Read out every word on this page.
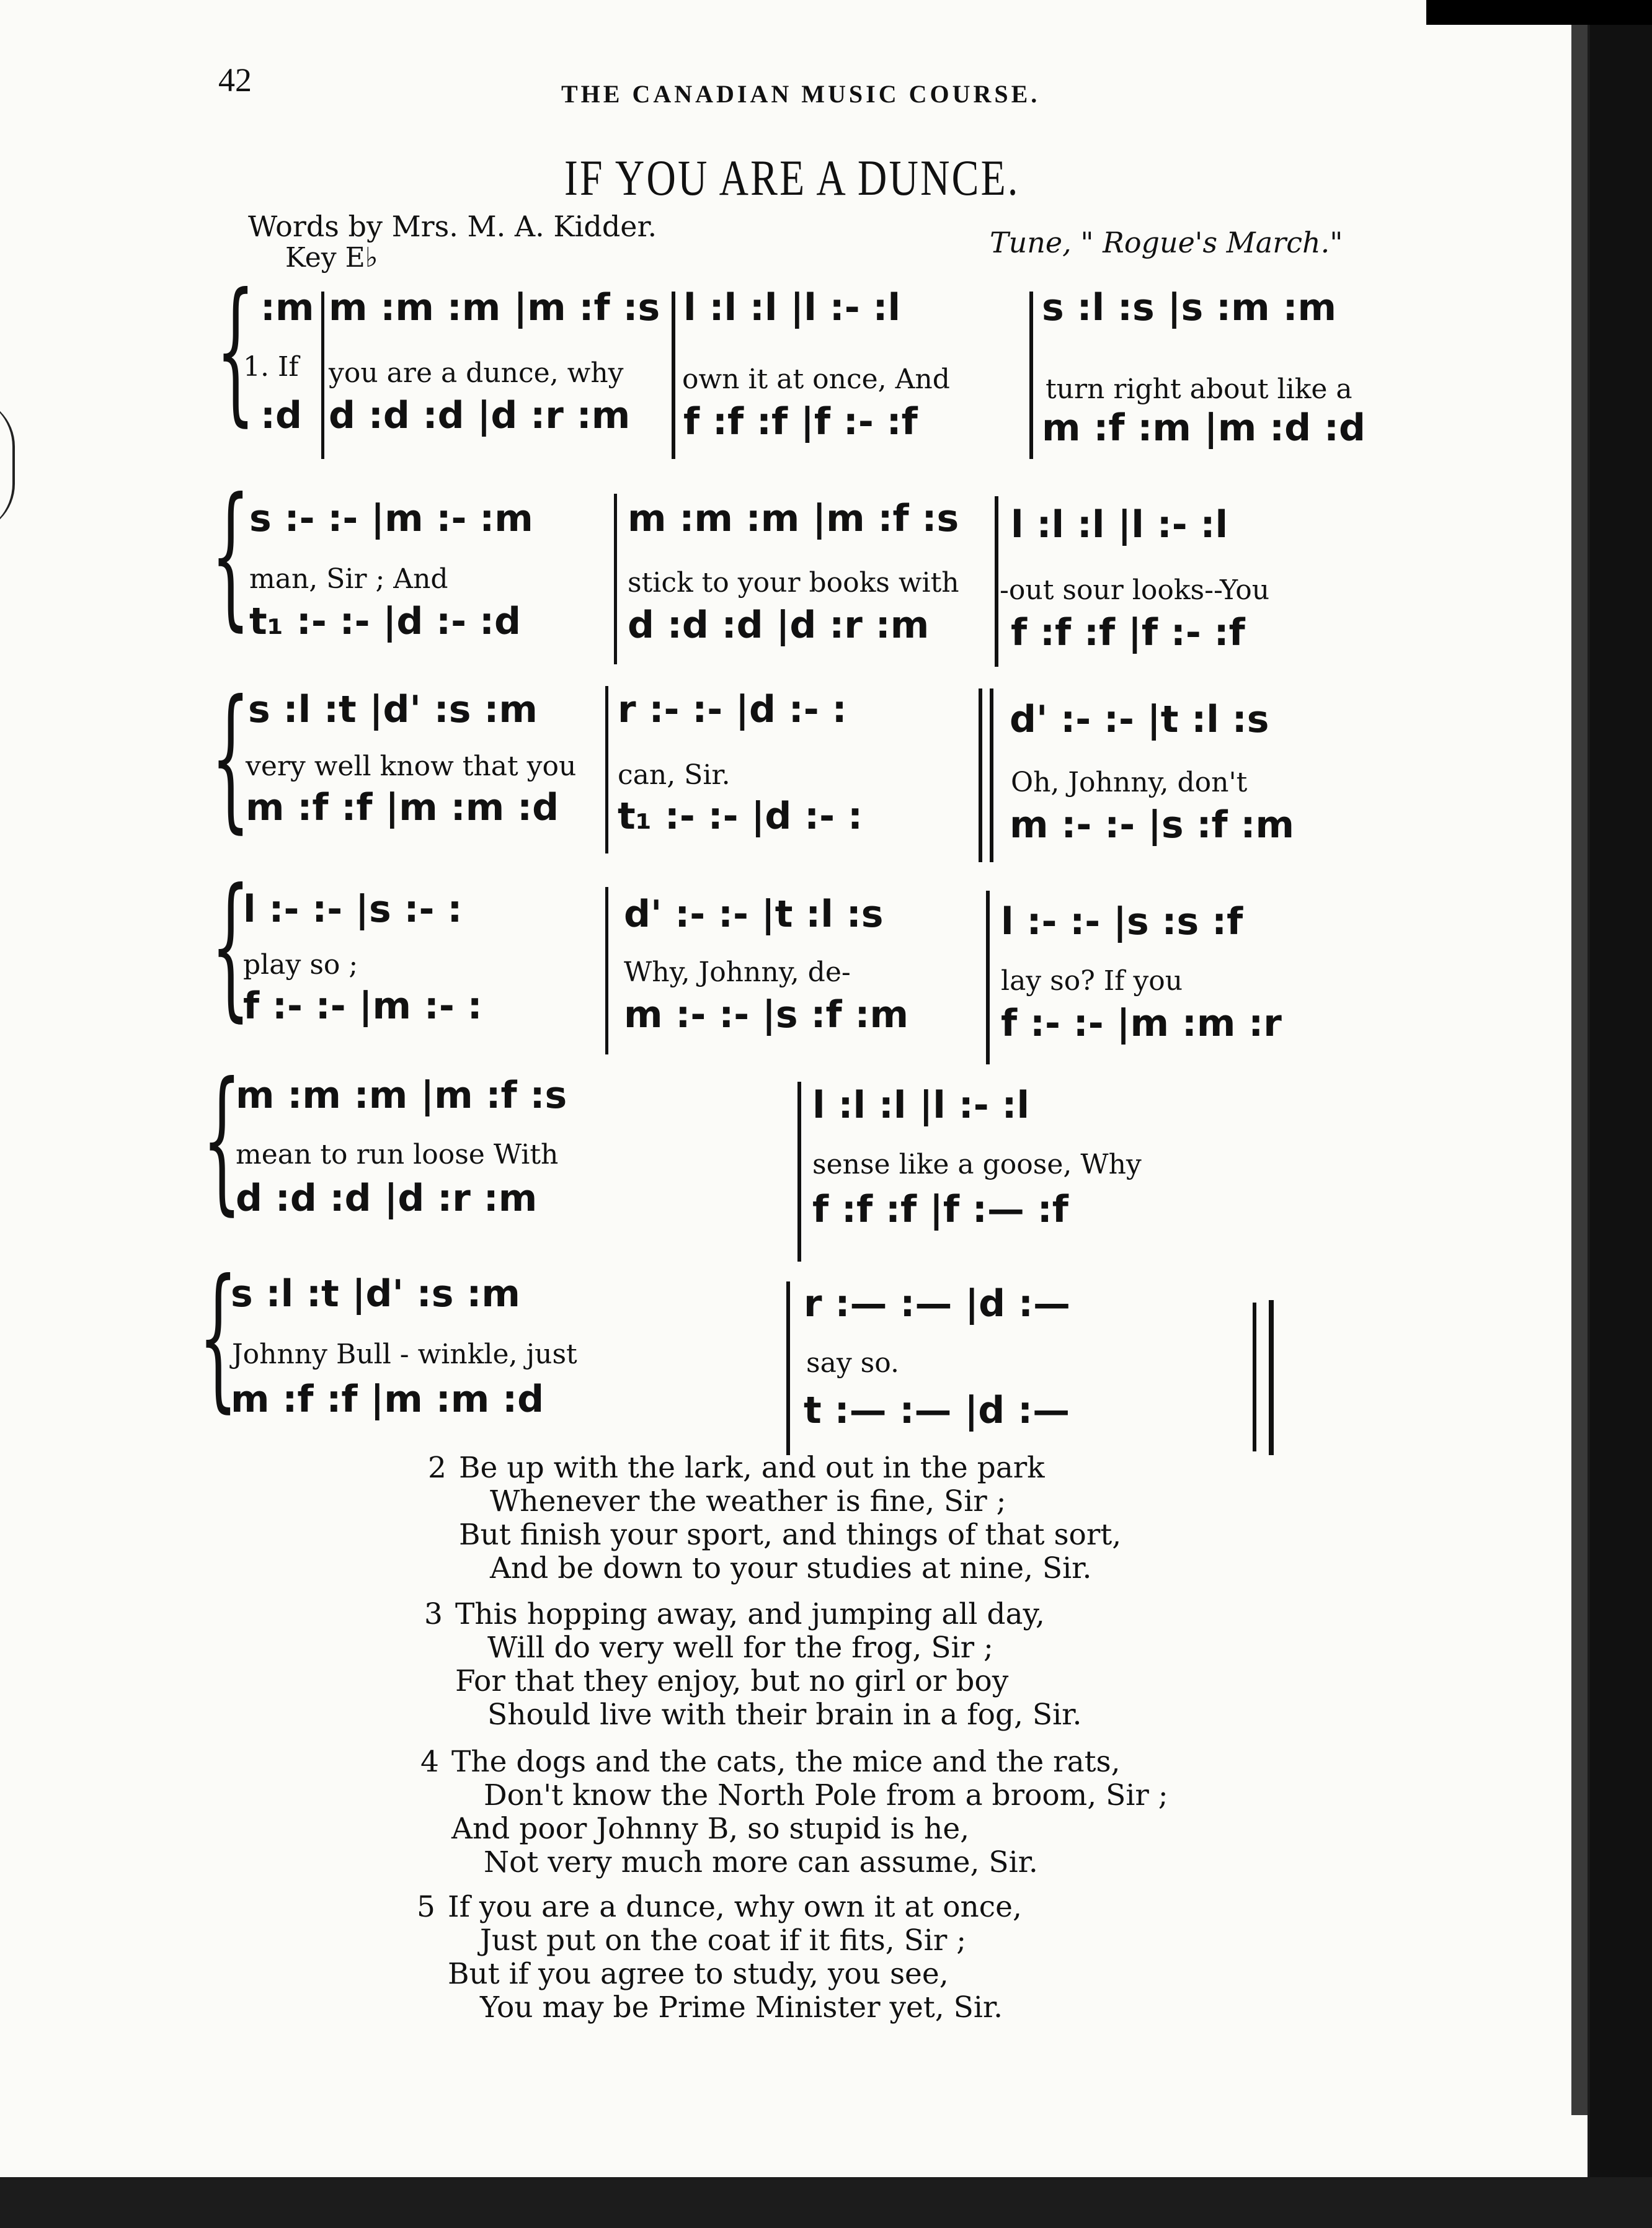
42	THE CANADIAN MUSIC COURSE.
IF YOU ARE A DUNCE.
Words by Mrs. M. A. Kidder.
Key E♭	Tune, " Rogue's March."
{ :m m :m :m |m :f :s l :l :l |l :- :l	s :l :s |s :m :m
1. If you are a dunce, why own it at once, And	turn right about like a
:d d :d :d |d :r :m f :f :f |f :- :f	m :f :m |m :d :d
{
s :- :- |m :- :m	m :m :m |m :f :s l :l :l |l :- :l
man, Sir ; And	stick to your books with -out sour looks--You
t₁ :- :- |d :- :d	d :d :d |d :r :m f :f :f |f :- :f
{
s :l :t |d' :s :m r :- :- |d :- :	d' :- :- |t :l :s
very well know that you can, Sir.	Oh, Johnny, don't
m :f :f |m :m :d t₁ :- :- |d :- :	m :- :- |s :f :m
{
l :- :- |s :- :	d' :- :- |t :l :s	l :- :- |s :s :f
play so ;	Why, Johnny, de-	lay so? If you
f :- :- |m :- :	m :- :- |s :f :m f :- :- |m :m :r
{
m :m :m |m :f :s	l :l :l |l :- :l
mean to run loose With	sense like a goose, Why
d :d :d |d :r :m	f :f :f |f :— :f
{
s :l :t |d' :s :m	r :— :— |d :—
Johnny Bull - winkle, just	say so.
m :f :f |m :m :d	t :— :— |d :—
2 Be up with the lark, and out in the park
Whenever the weather is fine, Sir ;
But finish your sport, and things of that sort,
And be down to your studies at nine, Sir.
3 This hopping away, and jumping all day,
Will do very well for the frog, Sir ;
For that they enjoy, but no girl or boy
Should live with their brain in a fog, Sir.
4 The dogs and the cats, the mice and the rats,
Don't know the North Pole from a broom, Sir ;
And poor Johnny B, so stupid is he,
Not very much more can assume, Sir.
5 If you are a dunce, why own it at once,
Just put on the coat if it fits, Sir ;
But if you agree to study, you see,
You may be Prime Minister yet, Sir.
